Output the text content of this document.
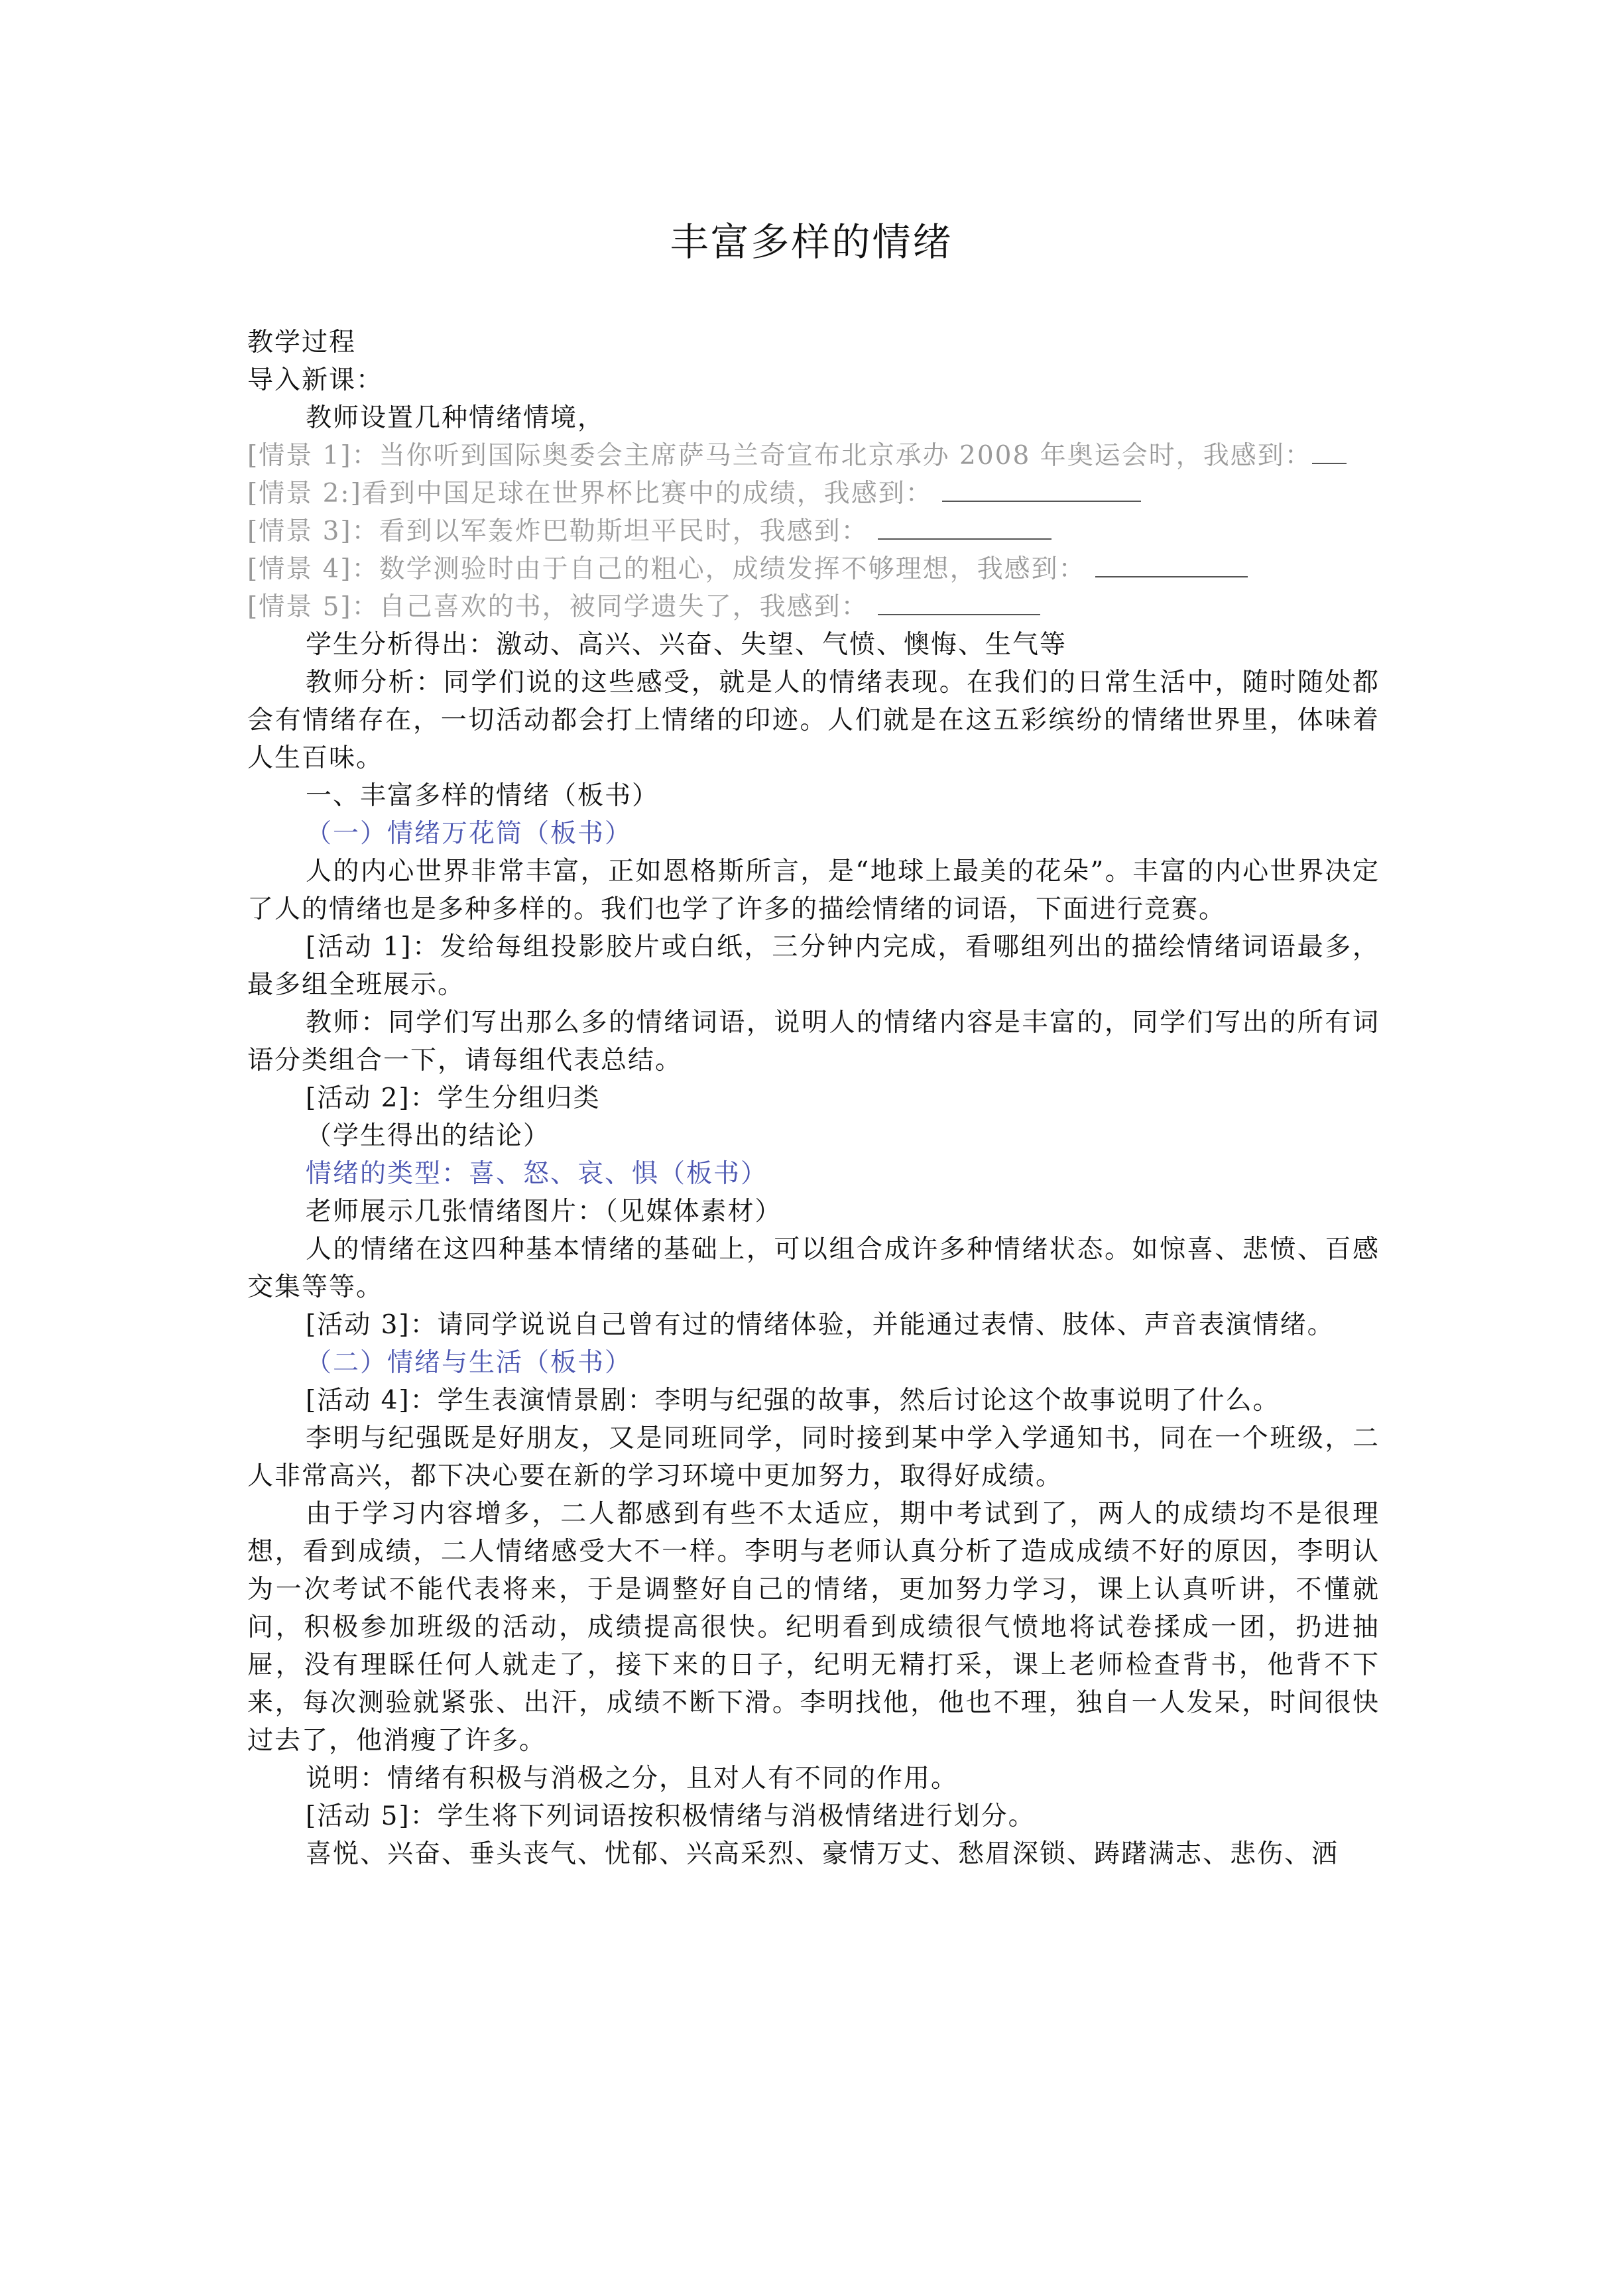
丰富多样的情绪

教学过程

导入新课：

教师设置几种情绪情境，

[情景 1]：当你听到国际奥委会主席萨马兰奇宣布北京承办 2008 年奥运会时，我感到：

[情景 2:]看到中国足球在世界杯比赛中的成绩，我感到：

[情景 3]：看到以军轰炸巴勒斯坦平民时，我感到：

[情景 4]：数学测验时由于自己的粗心，成绩发挥不够理想，我感到：

[情景 5]：自己喜欢的书，被同学遗失了，我感到：

学生分析得出：激动、高兴、兴奋、失望、气愤、懊悔、生气等

教师分析：同学们说的这些感受，就是人的情绪表现。在我们的日常生活中，随时随处都会有情绪存在，一切活动都会打上情绪的印迹。人们就是在这五彩缤纷的情绪世界里，体味着人生百味。

一、丰富多样的情绪（板书）

（一）情绪万花筒（板书）

人的内心世界非常丰富，正如恩格斯所言，是“地球上最美的花朵”。丰富的内心世界决定了人的情绪也是多种多样的。我们也学了许多的描绘情绪的词语，下面进行竞赛。

[活动 1]：发给每组投影胶片或白纸，三分钟内完成，看哪组列出的描绘情绪词语最多，最多组全班展示。

教师：同学们写出那么多的情绪词语，说明人的情绪内容是丰富的，同学们写出的所有词语分类组合一下，请每组代表总结。

[活动 2]：学生分组归类

（学生得出的结论）

情绪的类型：喜、怒、哀、惧（板书）

老师展示几张情绪图片：（见媒体素材）

人的情绪在这四种基本情绪的基础上，可以组合成许多种情绪状态。如惊喜、悲愤、百感交集等等。

[活动 3]：请同学说说自己曾有过的情绪体验，并能通过表情、肢体、声音表演情绪。

（二）情绪与生活（板书）

[活动 4]：学生表演情景剧：李明与纪强的故事，然后讨论这个故事说明了什么。

李明与纪强既是好朋友，又是同班同学，同时接到某中学入学通知书，同在一个班级，二人非常高兴，都下决心要在新的学习环境中更加努力，取得好成绩。

由于学习内容增多，二人都感到有些不太适应，期中考试到了，两人的成绩均不是很理想，看到成绩，二人情绪感受大不一样。李明与老师认真分析了造成成绩不好的原因，李明认为一次考试不能代表将来，于是调整好自己的情绪，更加努力学习，课上认真听讲，不懂就问，积极参加班级的活动，成绩提高很快。纪明看到成绩很气愤地将试卷揉成一团，扔进抽屉，没有理睬任何人就走了，接下来的日子，纪明无精打采，课上老师检查背书，他背不下来，每次测验就紧张、出汗，成绩不断下滑。李明找他，他也不理，独自一人发呆，时间很快过去了，他消瘦了许多。

说明：情绪有积极与消极之分，且对人有不同的作用。

[活动 5]：学生将下列词语按积极情绪与消极情绪进行划分。

喜悦、兴奋、垂头丧气、忧郁、兴高采烈、豪情万丈、愁眉深锁、踌躇满志、悲伤、洒
